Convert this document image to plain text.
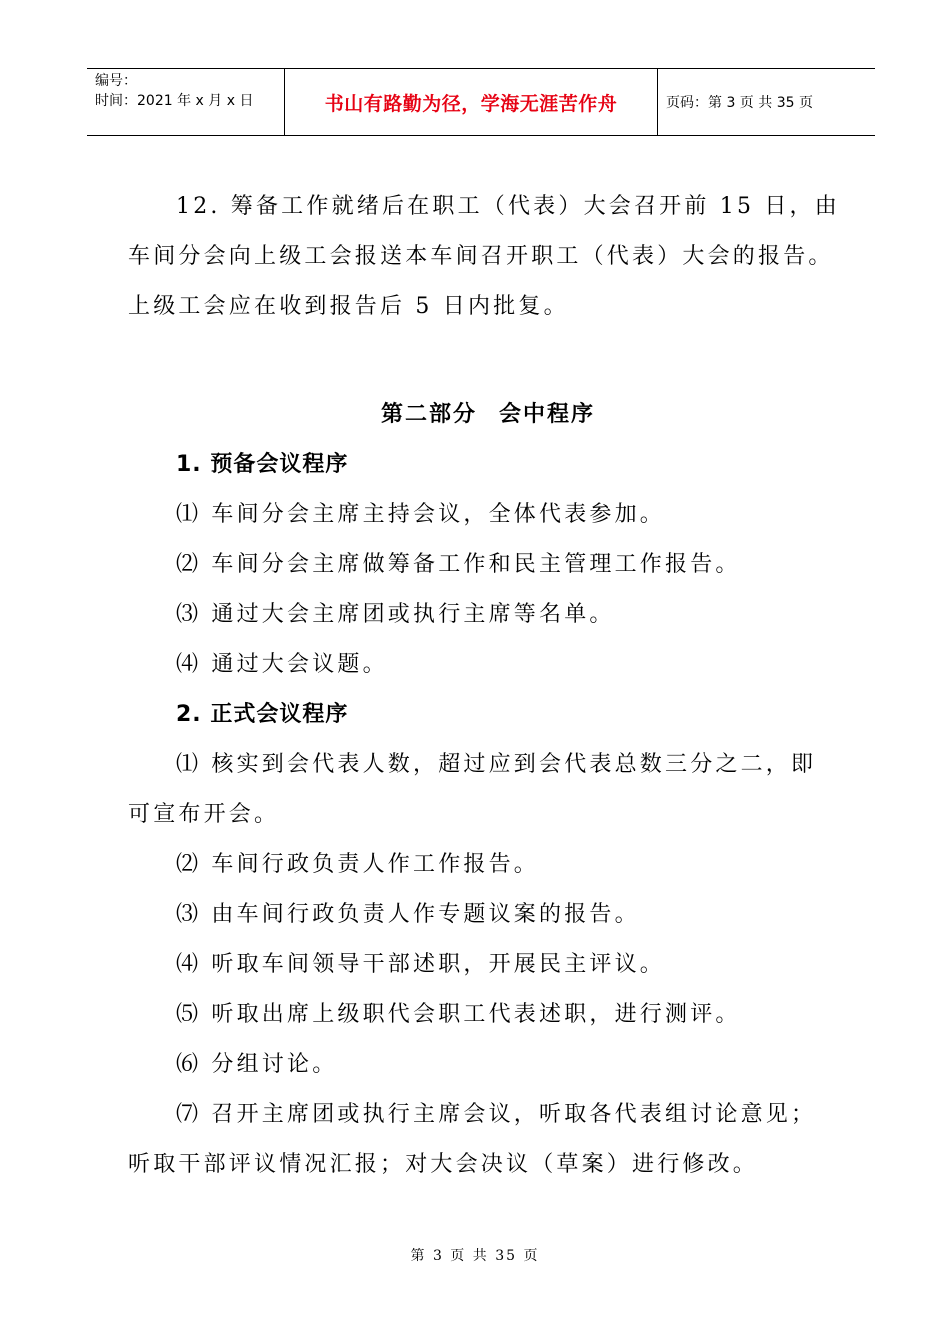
编号：
时间：2021 年 x 月 x 日	书山有路勤为径，学海无涯苦作舟	页码：第 3 页 共 35 页

12. 筹备工作就绪后在职工（代表）大会召开前 15 日，由

车间分会向上级工会报送本车间召开职工（代表）大会的报告。

上级工会应在收到报告后 5 日内批复。

第二部分 会中程序

1. 预备会议程序

⑴ 车间分会主席主持会议，全体代表参加。

⑵ 车间分会主席做筹备工作和民主管理工作报告。

⑶ 通过大会主席团或执行主席等名单。

⑷ 通过大会议题。

2. 正式会议程序

⑴ 核实到会代表人数，超过应到会代表总数三分之二，即

可宣布开会。

⑵ 车间行政负责人作工作报告。

⑶ 由车间行政负责人作专题议案的报告。

⑷ 听取车间领导干部述职，开展民主评议。

⑸ 听取出席上级职代会职工代表述职，进行测评。

⑹ 分组讨论。

⑺ 召开主席团或执行主席会议，听取各代表组讨论意见；

听取干部评议情况汇报；对大会决议（草案）进行修改。

第 3 页 共 35 页
